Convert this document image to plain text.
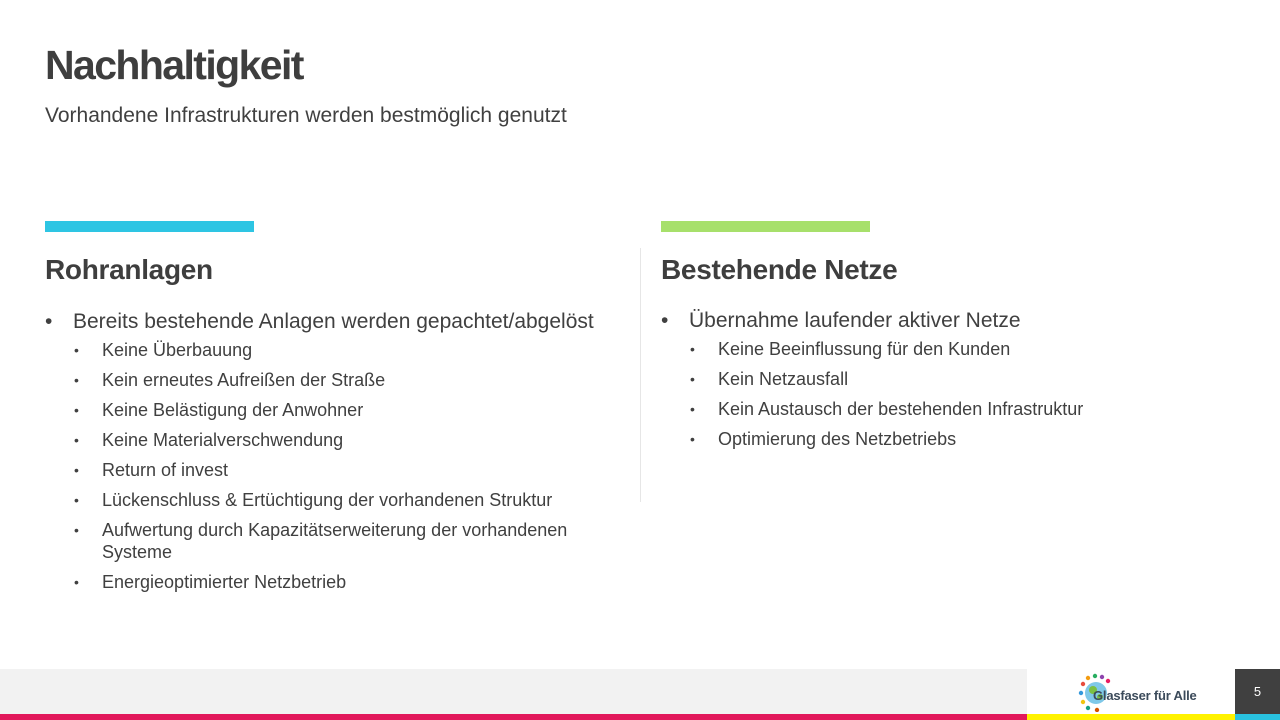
Nachhaltigkeit

Vorhandene Infrastrukturen werden bestmöglich genutzt

Rohranlagen	Bestehende Netze
• Bereits bestehende Anlagen werden gepachtet/abgelöst
• Keine Überbauung
• Kein erneutes Aufreißen der Straße
• Keine Belästigung der Anwohner
• Keine Materialverschwendung
• Return of invest
• Lückenschluss & Ertüchtigung der vorhandenen Struktur
• Aufwertung durch Kapazitätserweiterung der vorhandenen Systeme
• Energieoptimierter Netzbetrieb
• Übernahme laufender aktiver Netze
• Keine Beeinflussung für den Kunden
• Kein Netzausfall
• Kein Austausch der bestehenden Infrastruktur
• Optimierung des Netzbetriebs
Glasfaser für Alle	5
